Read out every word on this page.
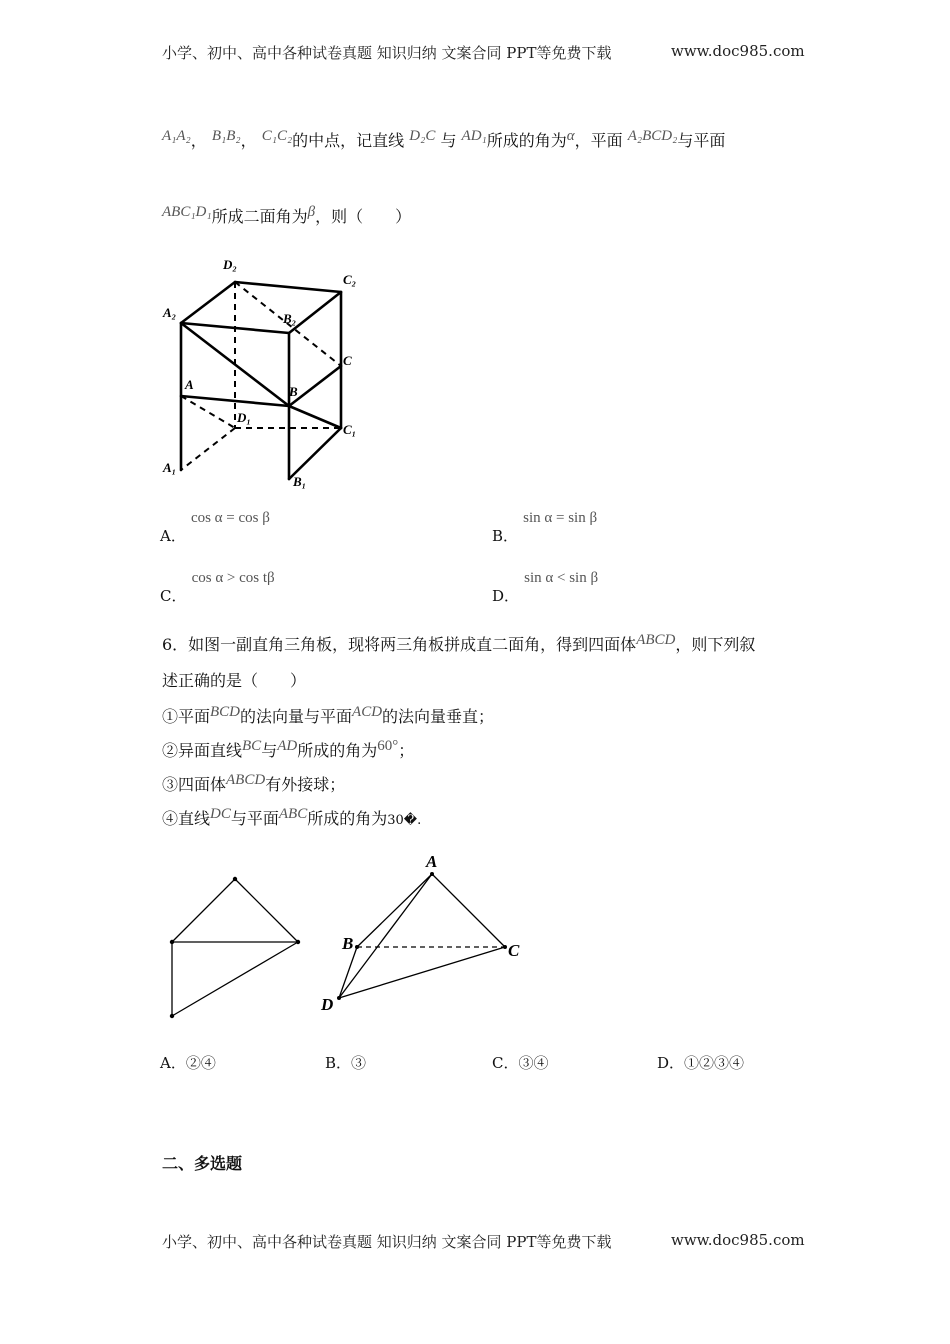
小学、初中、高中各种试卷真题 知识归纳 文案合同 PPT等免费下载	www.doc985.com
A₁A₂， B₁B₂， C₁C₂的中点，记直线 D₂C 与 AD₁所成的角为α，平面 A₂BCD₂与平面
ABC₁D₁所成二面角为β，则（　　）
D₂
C₂
A₂	B₂
C
A	B
D₁
C₁
A₁
B₁
A． cos α = cos β
B． sin α = sin β
C． cos α > cos tβ
D． sin α < sin β
6．如图一副直角三角板，现将两三角板拼成直二面角，得到四面体ABCD，则下列叙
述正确的是（　　）
①平面BCD的法向量与平面ACD的法向量垂直；
②异面直线BC与AD所成的角为60°；
③四面体ABCD有外接球；
④直线DC与平面ABC所成的角为30�.
A
B	C
D
A．②④	B．③	C．③④	D．①②③④
二、多选题
小学、初中、高中各种试卷真题 知识归纳 文案合同 PPT等免费下载	www.doc985.com
